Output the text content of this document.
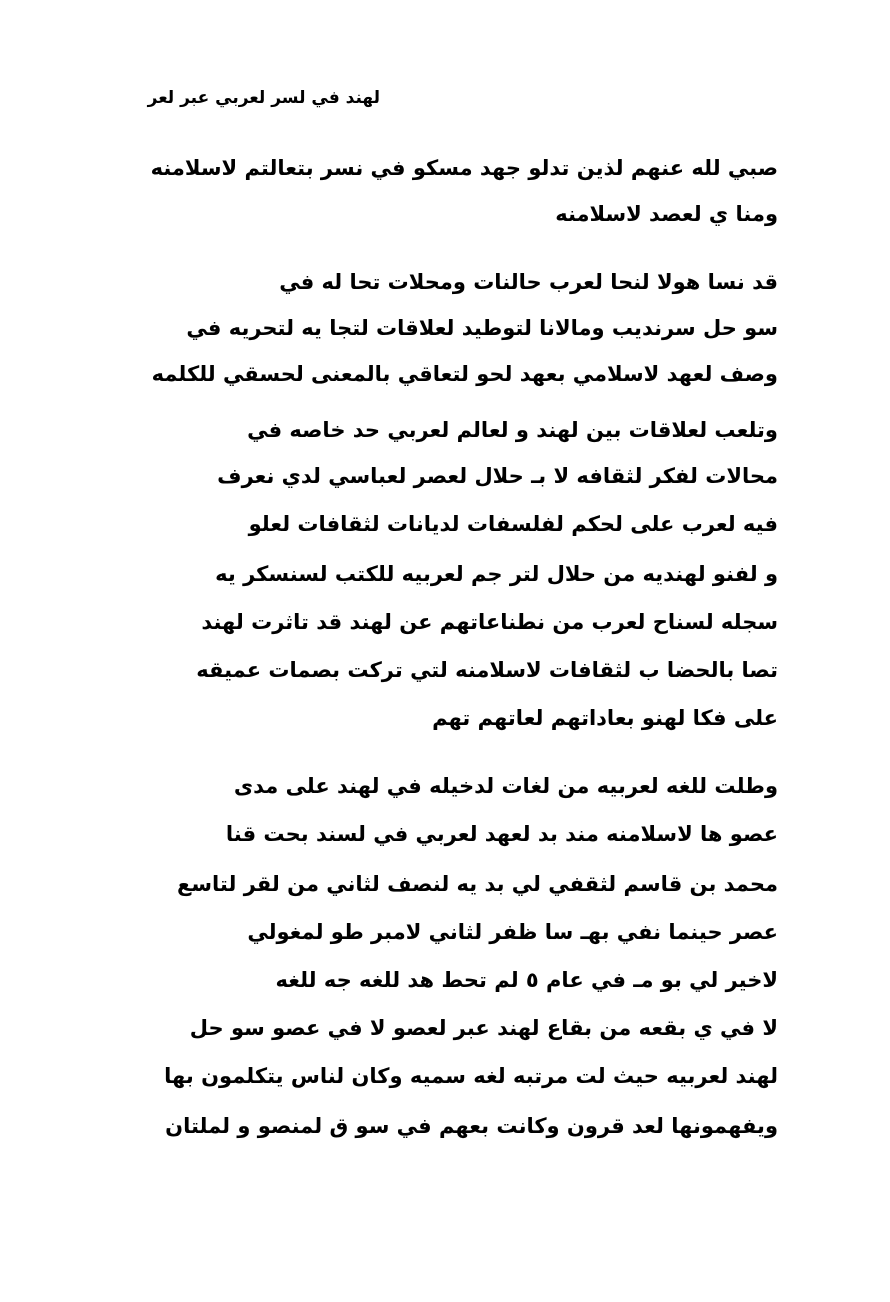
لهند في لسر لعربي عبر لعر
صبي لله عنهم لذين تدلو جهد مسكو في نسر بتعالتم لاسلامنه
ومنا ي لعصد لاسلامنه
قد نسا هولا لنحا لعرب حالنات ومحلات تحا له في
سو حل سرنديب ومالانا لتوطيد لعلاقات لتجا يه لتحريه في
وصف لعهد لاسلامي بعهد لحو لتعاقي بالمعنى لحسقي للكلمه
وتلعب لعلاقات بين لهند و لعالم لعربي حد خاصه في
محالات لفكر لثقافه لا بـ حلال لعصر لعباسي لدي نعرف
فيه لعرب على لحكم لفلسفات لديانات لثقافات لعلو
و لفنو لهنديه من حلال لتر جم لعربيه للكتب لسنسكر يه
سجله لسناح لعرب من نطناعاتهم عن لهند قد تاثرت لهند
تصا بالحضا ب لثقافات لاسلامنه لتي تركت بصمات عميقه
على فكا لهنو بعاداتهم لعاتهم تهم
وطلت للغه لعربيه من لغات لدخيله في لهند على مدى
عصو ها لاسلامنه مند بد لعهد لعربي في لسند بحت قنا
محمد بن قاسم لثقفي لي بد يه لنصف لثاني من لقر لتاسع
عصر حينما نفي بهـ سا ظفر لثاني لامبر طو لمغولي
لاخير لي بو مـ في عام ٥ لم تحط هد للغه جه للغه
لا في ي بقعه من بقاع لهند عبر لعصو لا في عصو سو حل
لهند لعربيه حيث لت مرتبه لغه سميه وكان لناس يتكلمون بها
ويفهمونها لعد قرون وكانت بعهم في سو ق لمنصو و لملتان
